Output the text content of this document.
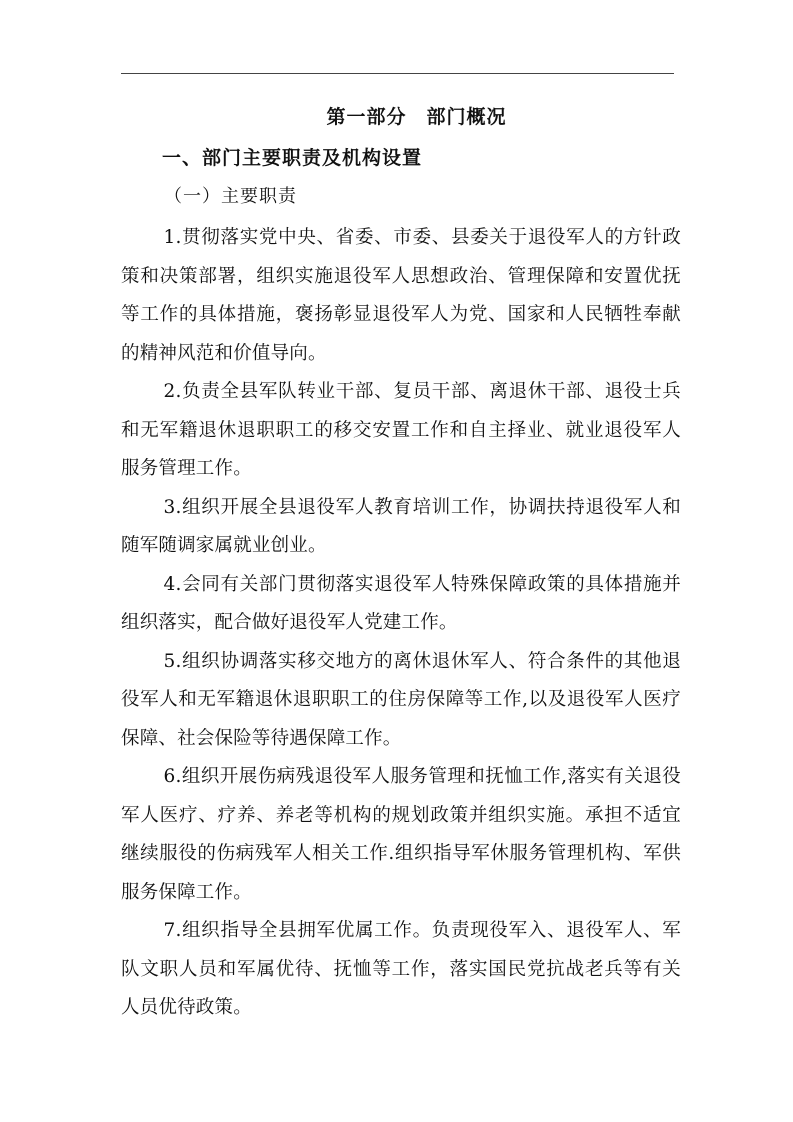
第一部分　部门概况
一、部门主要职责及机构设置
（一）主要职责

1.贯彻落实党中央、省委、市委、县委关于退役军人的方针政策和决策部署，组织实施退役军人思想政治、管理保障和安置优抚等工作的具体措施，褒扬彰显退役军人为党、国家和人民牺牲奉献的精神风范和价值导向。

2.负责全县军队转业干部、复员干部、离退休干部、退役士兵和无军籍退休退职职工的移交安置工作和自主择业、就业退役军人服务管理工作。

3.组织开展全县退役军人教育培训工作，协调扶持退役军人和随军随调家属就业创业。

4.会同有关部门贯彻落实退役军人特殊保障政策的具体措施并组织落实，配合做好退役军人党建工作。

5.组织协调落实移交地方的离休退休军人、符合条件的其他退役军人和无军籍退休退职职工的住房保障等工作,以及退役军人医疗保障、社会保险等待遇保障工作。

6.组织开展伤病残退役军人服务管理和抚恤工作,落实有关退役军人医疗、疗养、养老等机构的规划政策并组织实施。承担不适宜继续服役的伤病残军人相关工作.组织指导军休服务管理机构、军供服务保障工作。

7.组织指导全县拥军优属工作。负责现役军入、退役军人、军队文职人员和军属优待、抚恤等工作，落实国民党抗战老兵等有关人员优待政策。
